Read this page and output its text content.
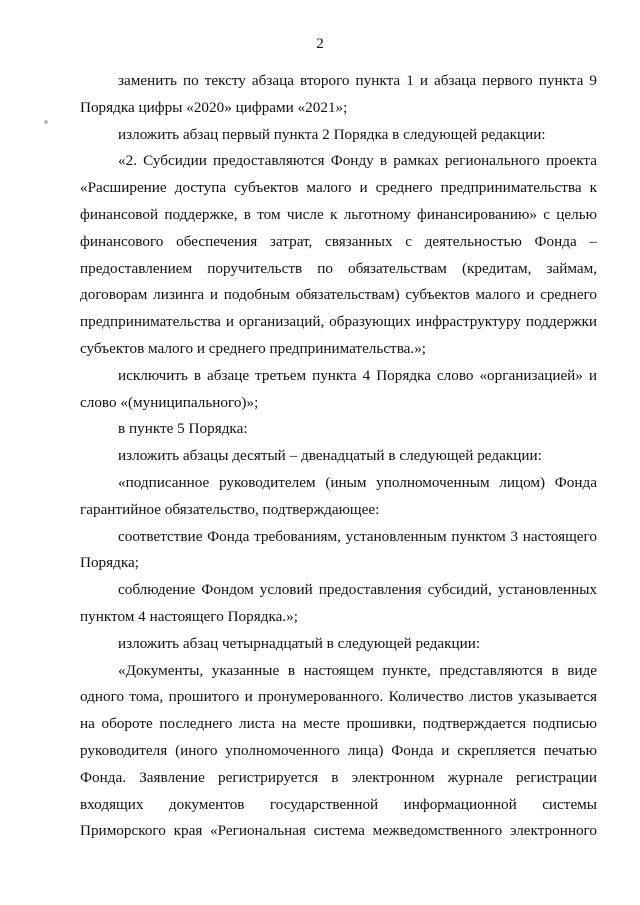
2
заменить по тексту абзаца второго пункта 1 и абзаца первого пункта 9
Порядка цифры «2020» цифрами «2021»;
изложить абзац первый пункта 2 Порядка в следующей редакции:
«2. Субсидии предоставляются Фонду в рамках регионального проекта
«Расширение доступа субъектов малого и среднего предпринимательства к
финансовой поддержке, в том числе к льготному финансированию» с целью
финансового обеспечения затрат, связанных с деятельностью Фонда –
предоставлением поручительств по обязательствам (кредитам, займам,
договорам лизинга и подобным обязательствам) субъектов малого и среднего
предпринимательства и организаций, образующих инфраструктуру поддержки
субъектов малого и среднего предпринимательства.»;
исключить в абзаце третьем пункта 4 Порядка слово «организацией» и
слово «(муниципального)»;
в пункте 5 Порядка:
изложить абзацы десятый – двенадцатый в следующей редакции:
«подписанное руководителем (иным уполномоченным лицом) Фонда
гарантийное обязательство, подтверждающее:
соответствие Фонда требованиям, установленным пунктом 3 настоящего
Порядка;
соблюдение Фондом условий предоставления субсидий, установленных
пунктом 4 настоящего Порядка.»;
изложить абзац четырнадцатый в следующей редакции:
«Документы, указанные в настоящем пункте, представляются в виде
одного тома, прошитого и пронумерованного. Количество листов указывается
на обороте последнего листа на месте прошивки, подтверждается подписью
руководителя (иного уполномоченного лица) Фонда и скрепляется печатью
Фонда. Заявление регистрируется в электронном журнале регистрации
входящих документов государственной информационной системы
Приморского края «Региональная система межведомственного электронного
